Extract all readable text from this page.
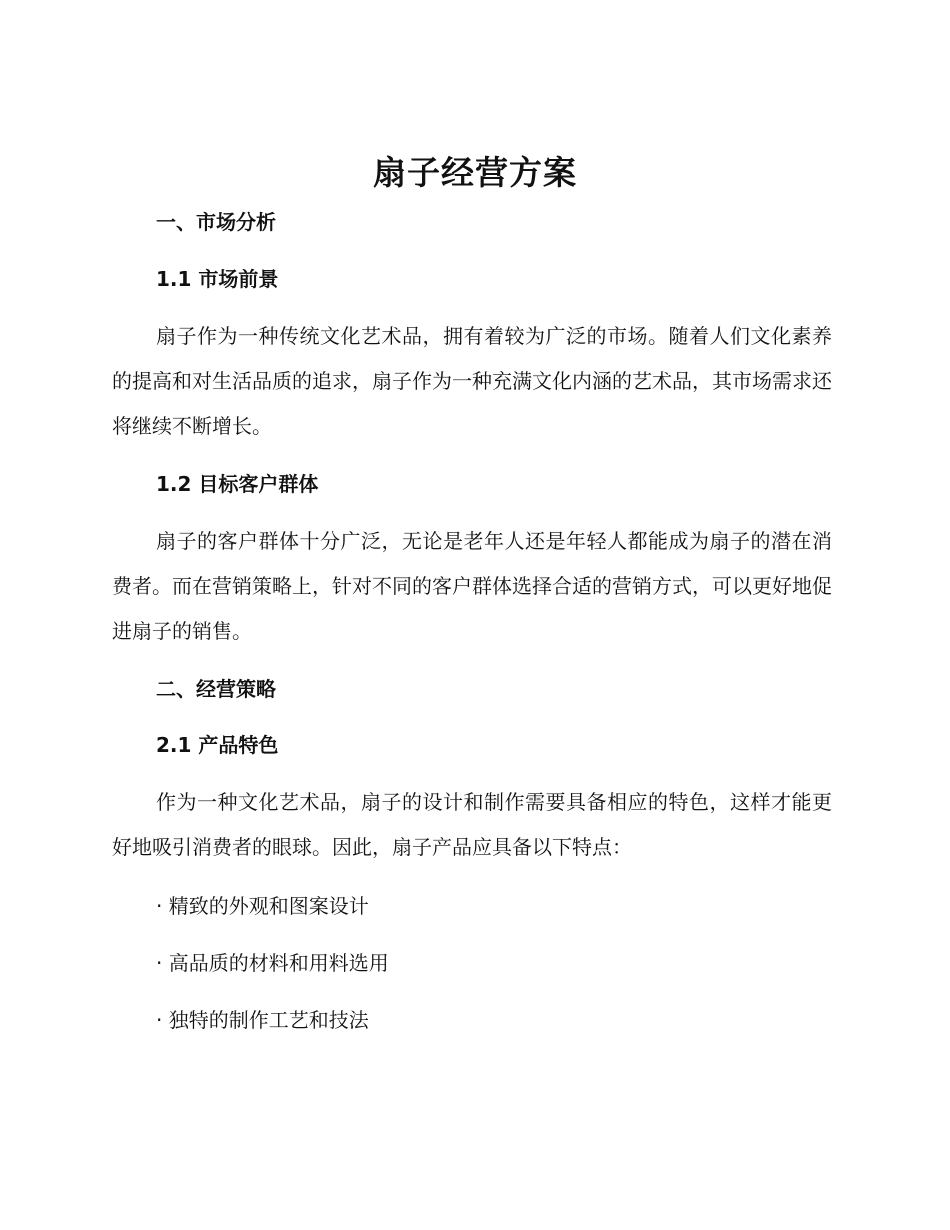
扇子经营方案
一、市场分析
1.1 市场前景

扇子作为一种传统文化艺术品，拥有着较为广泛的市场。随着人们文化素养的提高和对生活品质的追求，扇子作为一种充满文化内涵的艺术品，其市场需求还将继续不断增长。

1.2 目标客户群体

扇子的客户群体十分广泛，无论是老年人还是年轻人都能成为扇子的潜在消费者。而在营销策略上，针对不同的客户群体选择合适的营销方式，可以更好地促进扇子的销售。

二、经营策略
2.1 产品特色

作为一种文化艺术品，扇子的设计和制作需要具备相应的特色，这样才能更好地吸引消费者的眼球。因此，扇子产品应具备以下特点：

· 精致的外观和图案设计

· 高品质的材料和用料选用

· 独特的制作工艺和技法
